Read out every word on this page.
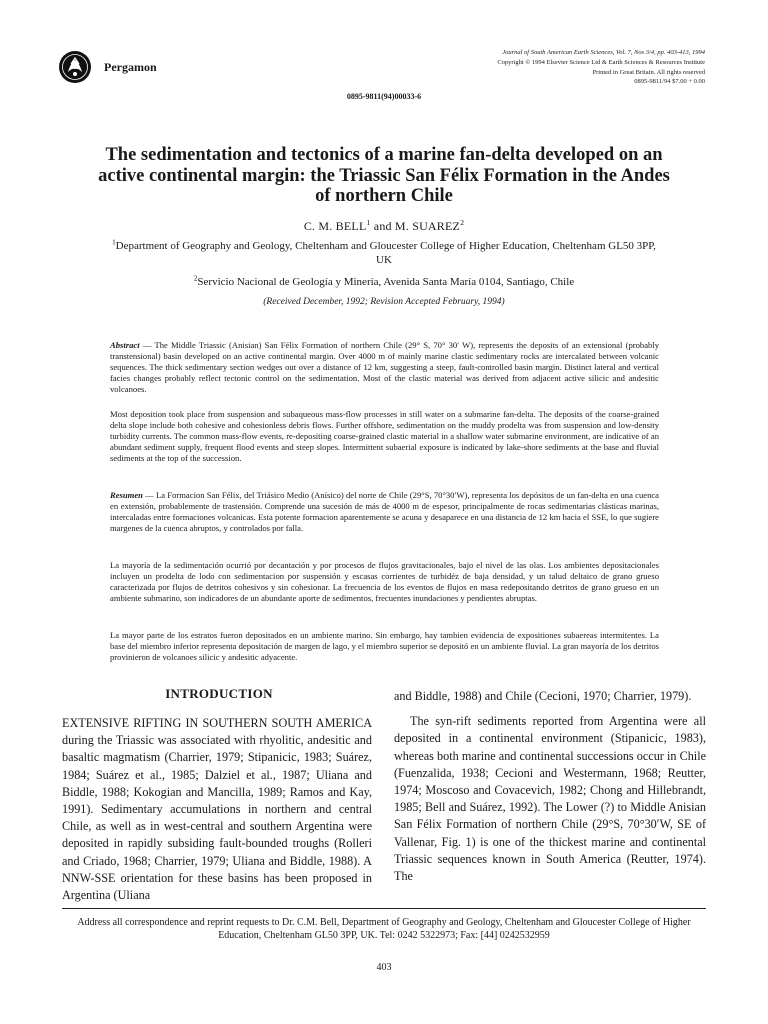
Pergamon
Journal of South American Earth Sciences, Vol. 7, Nos 3/4, pp. 403-413, 1994
Copyright © 1994 Elsevier Science Ltd & Earth Sciences & Resources Institute
Printed in Great Britain. All rights reserved
0895-9811/94 $7.00 + 0.00
0895-9811(94)00033-6
The sedimentation and tectonics of a marine fan-delta developed on an active continental margin: the Triassic San Félix Formation in the Andes of northern Chile
C. M. BELL$^1$ and M. SUAREZ$^2$
$^1$Department of Geography and Geology, Cheltenham and Gloucester College of Higher Education, Cheltenham GL50 3PP, UK
$^2$Servicio Nacional de Geología y Minería, Avenida Santa María 0104, Santiago, Chile
(Received December, 1992; Revision Accepted February, 1994)
Abstract — The Middle Triassic (Anisian) San Félix Formation of northern Chile (29° S, 70° 30′ W), represents the deposits of an extensional (probably transtensional) basin developed on an active continental margin. Over 4000 m of mainly marine clastic sedimentary rocks are intercalated between volcanic sequences. The thick sedimentary section wedges out over a distance of 12 km, suggesting a steep, fault-controlled basin margin. Distinct lateral and vertical facies changes probably reflect tectonic control on the sedimentation. Most of the clastic material was derived from adjacent active silicic and andesitic volcanoes.
Most deposition took place from suspension and subaqueous mass-flow processes in still water on a submarine fan-delta. The deposits of the coarse-grained delta slope include both cohesive and cohesionless debris flows. Further offshore, sedimentation on the muddy prodelta was from suspension and low-density turbidity currents. The common mass-flow events, re-depositing coarse-grained clastic material in a shallow water submarine environment, are indicative of an abundant sediment supply, frequent flood events and steep slopes. Intermittent subaerial exposure is indicated by lake-shore sediments at the base and fluvial sediments at the top of the succession.
Resumen — La Formacion San Félix, del Triásico Medio (Anísico) del norte de Chile (29°S, 70°30′W), representa los depósitos de un fan-delta en una cuenca en extensión, probablemente de trastensión. Comprende una sucesión de más de 4000 m de espesor, principalmente de rocas sedimentarias clásticas marinas, intercaladas entre formaciones volcanicas. Esta potente formacion aparentemente se acuna y desaparece en una distancia de 12 km hacia el SSE, lo que sugiere margenes de la cuenca abruptos, y controlados por falla.
La mayoría de la sedimentación ocurrió por decantación y por procesos de flujos gravitacionales, bajo el nivel de las olas. Los ambientes depositacionales incluyen un prodelta de lodo con sedimentacion por suspensión y escasas corrientes de turbidéz de baja densidad, y un talud deltaico de grano grueso caracterizada por flujos de detritos cohesivos y sin cohesionar. La frecuencia de los eventos de flujos en masa redepositando detritos de grano grueso en un ambiente submarino, son indicadores de un abundante aporte de sedimentos, frecuentes inundaciones y pendientes abruptas.
La mayor parte de los estratos fueron depositados en un ambiente marino. Sin embargo, hay tambien evidencia de expositiones subaereas intermitentes. La base del miembro inferior representa depositación de margen de lago, y el miembro superior se depositó en un ambiente fluvial. La gran mayoría de los detritos provinieron de volcanoes silicic y andesitic adyacente.
INTRODUCTION

EXTENSIVE RIFTING IN SOUTHERN SOUTH AMERICA during the Triassic was associated with rhyolitic, andesitic and basaltic magmatism (Charrier, 1979; Stipanicic, 1983; Suárez, 1984; Suárez et al., 1985; Dalziel et al., 1987; Uliana and Biddle, 1988; Kokogian and Mancilla, 1989; Ramos and Kay, 1991). Sedimentary accumulations in northern and central Chile, as well as in west-central and southern Argentina were deposited in rapidly subsiding fault-bounded troughs (Rolleri and Criado, 1968; Charrier, 1979; Uliana and Biddle, 1988). A NNW-SSE orientation for these basins has been proposed in Argentina (Uliana

and Biddle, 1988) and Chile (Cecioni, 1970; Charrier, 1979).

The syn-rift sediments reported from Argentina were all deposited in a continental environment (Stipanicic, 1983), whereas both marine and continental successions occur in Chile (Fuenzalida, 1938; Cecioni and Westermann, 1968; Reutter, 1974; Moscoso and Covacevich, 1982; Chong and Hillebrandt, 1985; Bell and Suárez, 1992). The Lower (?) to Middle Anisian San Félix Formation of northern Chile (29°S, 70°30′W, SE of Vallenar, Fig. 1) is one of the thickest marine and continental Triassic sequences known in South America (Reutter, 1974). The

Address all correspondence and reprint requests to Dr. C.M. Bell, Department of Geography and Geology, Cheltenham and Gloucester College of Higher Education, Cheltenham GL50 3PP, UK. Tel: 0242 5322973; Fax: [44] 0242532959
403
